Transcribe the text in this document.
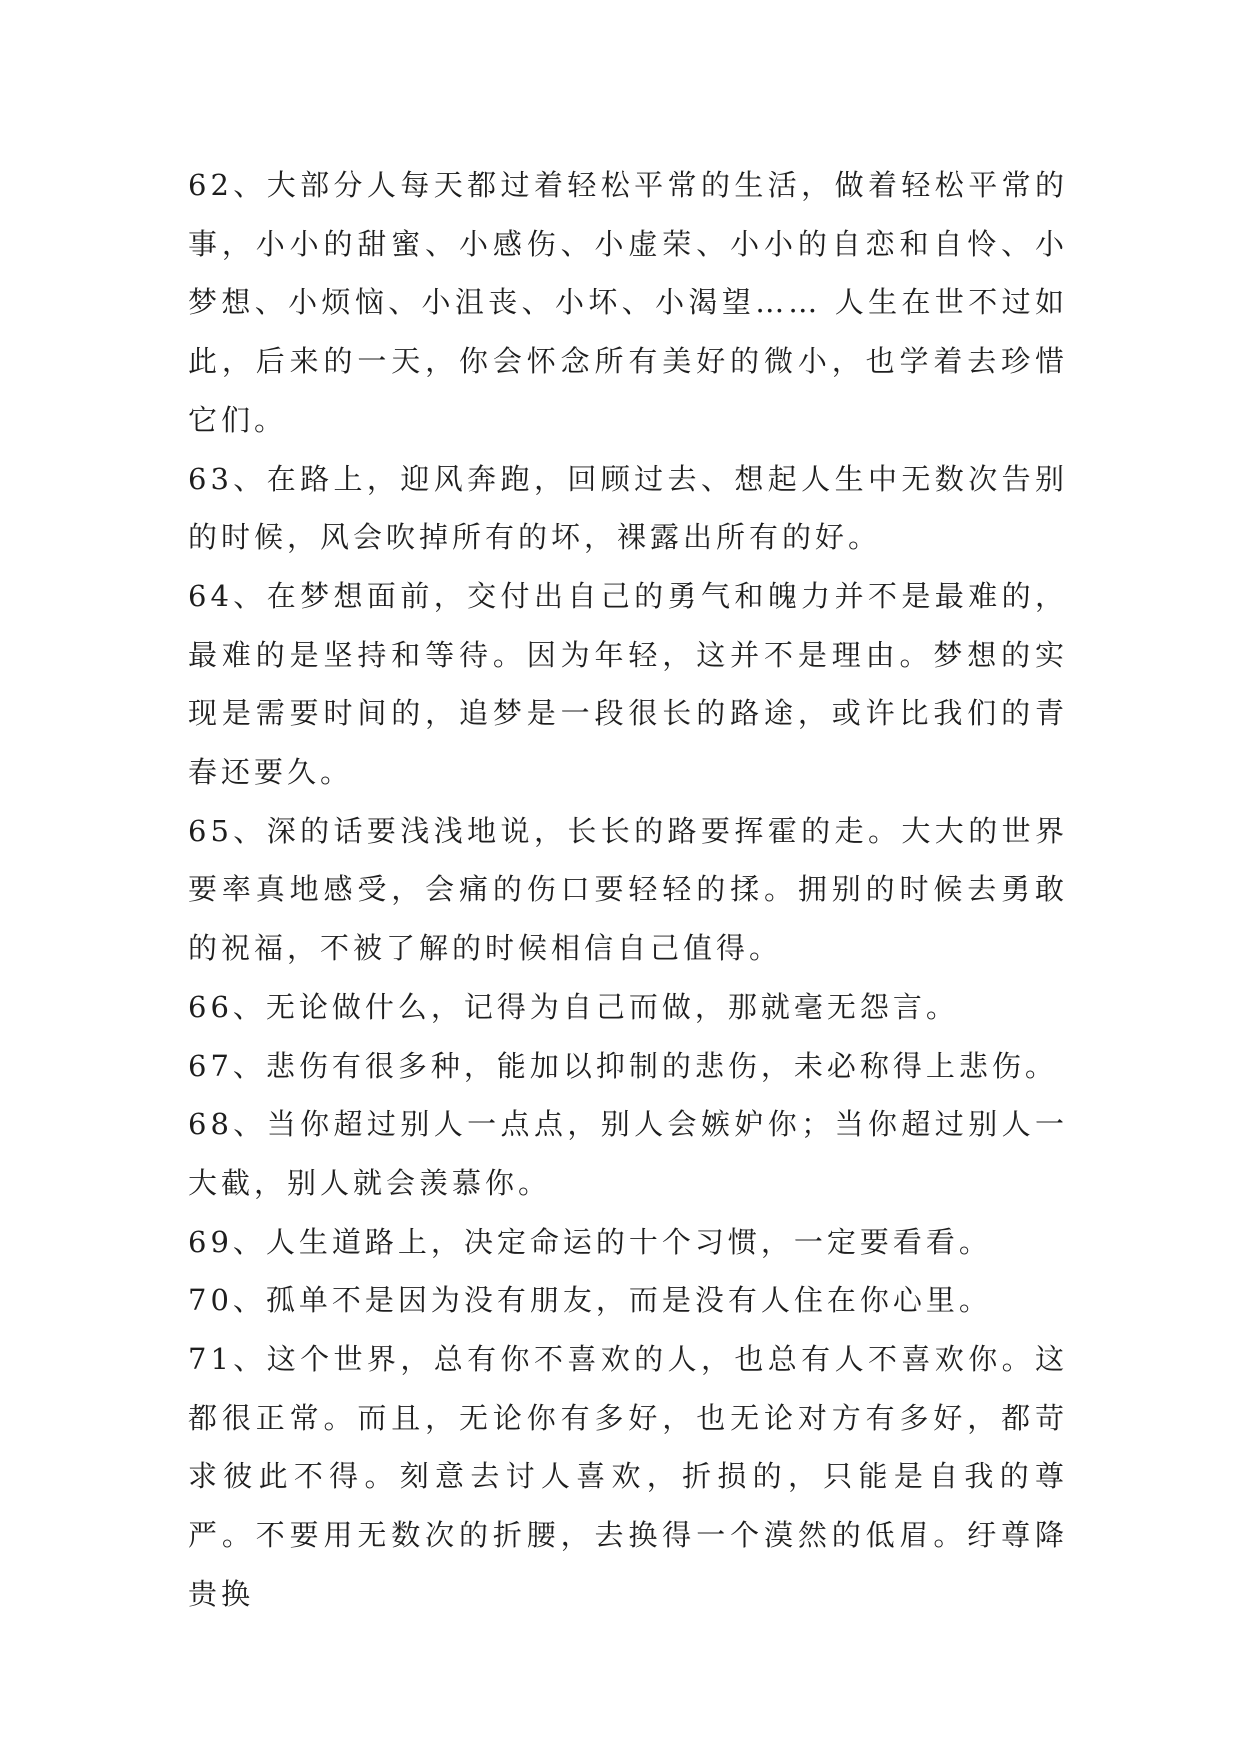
62、大部分人每天都过着轻松平常的生活，做着轻松平常的事，小小的甜蜜、小感伤、小虚荣、小小的自恋和自怜、小梦想、小烦恼、小沮丧、小坏、小渴望…… 人生在世不过如此，后来的一天，你会怀念所有美好的微小，也学着去珍惜它们。

63、在路上，迎风奔跑，回顾过去、想起人生中无数次告别的时候，风会吹掉所有的坏，裸露出所有的好。

64、在梦想面前，交付出自己的勇气和魄力并不是最难的，最难的是坚持和等待。因为年轻，这并不是理由。梦想的实现是需要时间的，追梦是一段很长的路途，或许比我们的青春还要久。

65、深的话要浅浅地说，长长的路要挥霍的走。大大的世界要率真地感受，会痛的伤口要轻轻的揉。拥别的时候去勇敢的祝福，不被了解的时候相信自己值得。

66、无论做什么，记得为自己而做，那就毫无怨言。

67、悲伤有很多种，能加以抑制的悲伤，未必称得上悲伤。

68、当你超过别人一点点，别人会嫉妒你；当你超过别人一大截，别人就会羡慕你。

69、人生道路上，决定命运的十个习惯，一定要看看。

70、孤单不是因为没有朋友，而是没有人住在你心里。

71、这个世界，总有你不喜欢的人，也总有人不喜欢你。这都很正常。而且，无论你有多好，也无论对方有多好，都苛求彼此不得。刻意去讨人喜欢，折损的，只能是自我的尊严。不要用无数次的折腰，去换得一个漠然的低眉。纡尊降贵换
